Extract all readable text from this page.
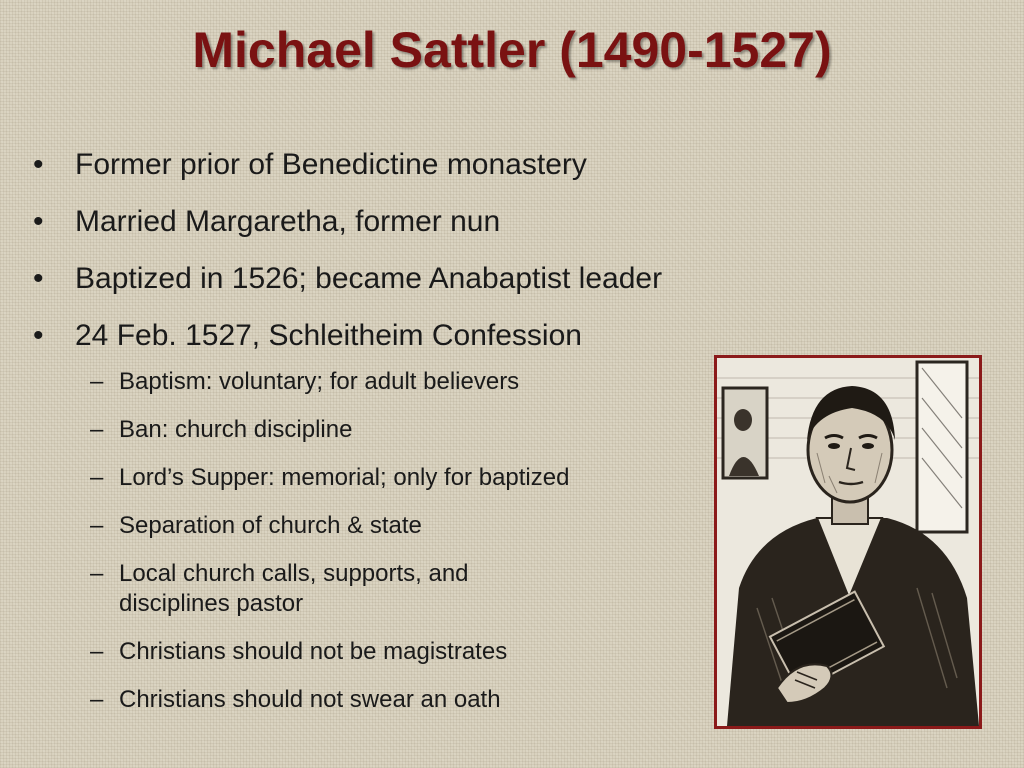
Michael Sattler (1490-1527)
• Former prior of Benedictine monastery
• Married Margaretha, former nun
• Baptized in 1526; became Anabaptist leader
• 24 Feb. 1527, Schleitheim Confession
– Baptism: voluntary; for adult believers
– Ban: church discipline
– Lord’s Supper: memorial; only for baptized
– Separation of church & state
– Local church calls, supports, and disciplines pastor
– Christians should not be magistrates
– Christians should not swear an oath
